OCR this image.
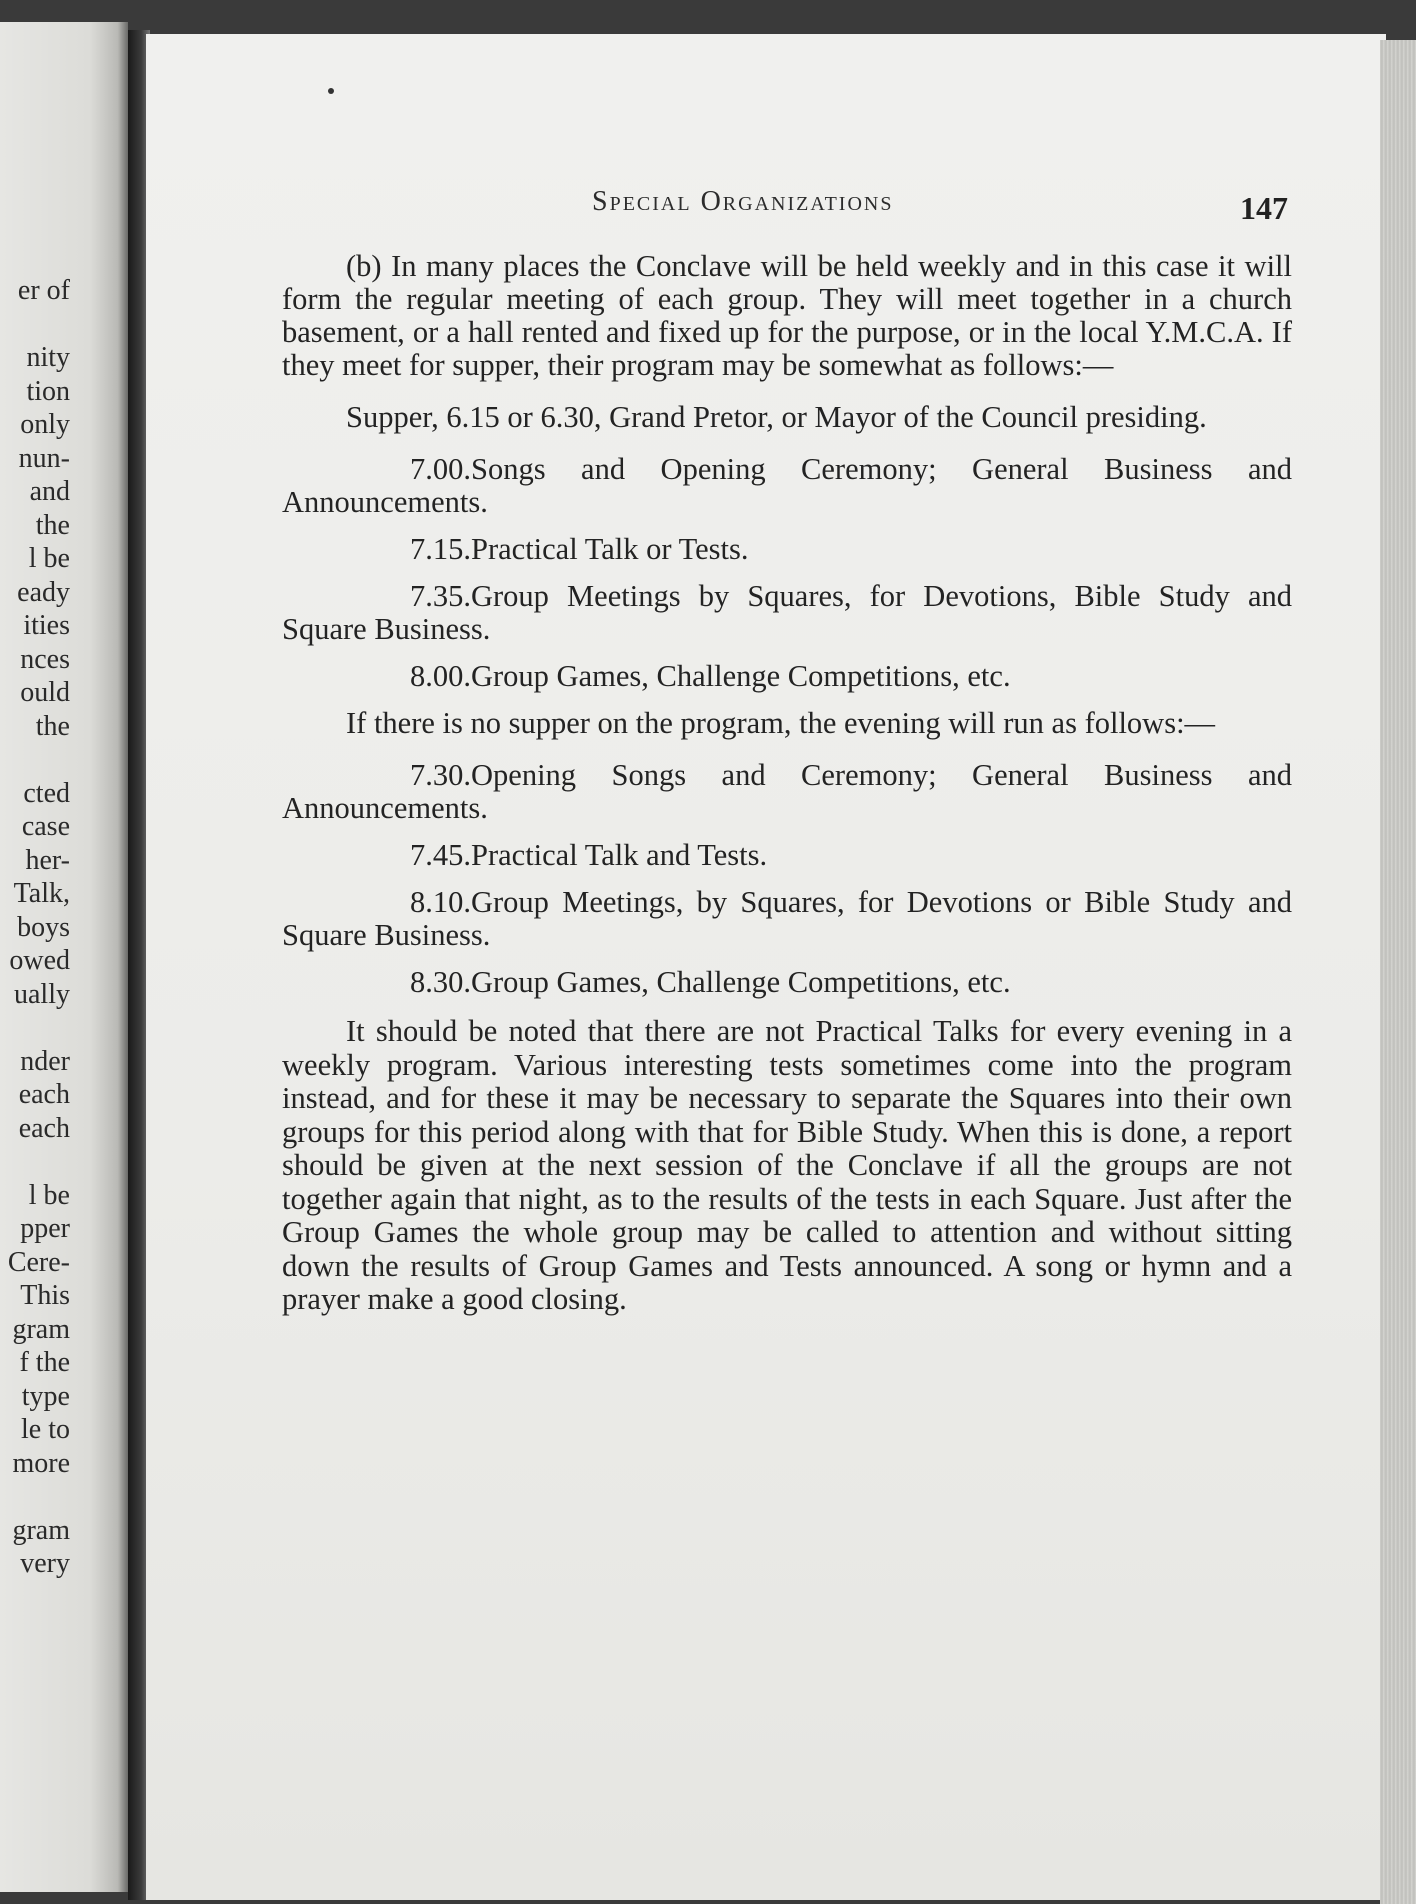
er of
nity
tion
only
nun-
and
the
l be
eady
ities
nces
ould
the
cted
case
her-
Talk,
boys
owed
ually
nder
each
each
l be
pper
Cere-
This
gram
f the
type
le to
more
gram
very
Special Organizations	147

(b) In many places the Conclave will be held weekly and in this case it will form the regular meeting of each group. They will meet together in a church basement, or a hall rented and fixed up for the purpose, or in the local Y.M.C.A. If they meet for supper, their program may be somewhat as follows:—

Supper, 6.15 or 6.30, Grand Pretor, or Mayor of the Council presiding.

7.00.Songs and Opening Ceremony; General Business and Announcements.

7.15.Practical Talk or Tests.

7.35.Group Meetings by Squares, for Devotions, Bible Study and Square Business.

8.00.Group Games, Challenge Competitions, etc.

If there is no supper on the program, the evening will run as follows:—

7.30.Opening Songs and Ceremony; General Business and Announcements.

7.45.Practical Talk and Tests.

8.10.Group Meetings, by Squares, for Devotions or Bible Study and Square Business.

8.30.Group Games, Challenge Competitions, etc.

It should be noted that there are not Practical Talks for every evening in a weekly program. Various interesting tests sometimes come into the program instead, and for these it may be necessary to separate the Squares into their own groups for this period along with that for Bible Study. When this is done, a report should be given at the next session of the Conclave if all the groups are not together again that night, as to the results of the tests in each Square. Just after the Group Games the whole group may be called to attention and without sitting down the results of Group Games and Tests announced. A song or hymn and a prayer make a good closing.
